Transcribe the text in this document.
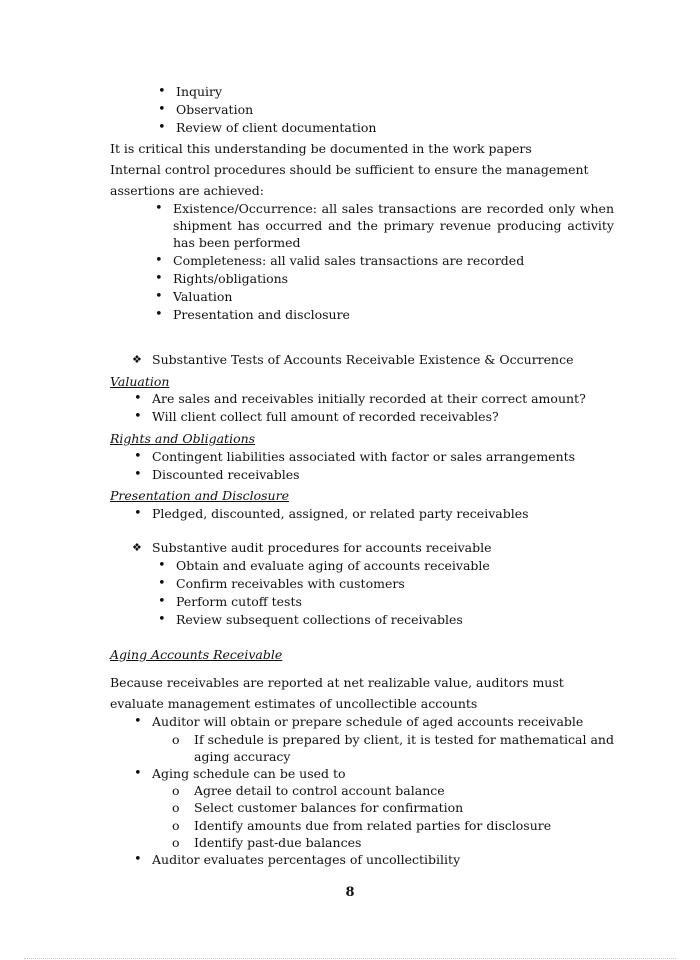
• Inquiry
• Observation
• Review of client documentation

It is critical this understanding be documented in the work papers

Internal control procedures should be sufficient to ensure the management

assertions are achieved:

• Existence/Occurrence: all sales transactions are recorded only when shipment has occurred and the primary revenue producing activity has been performed
• Completeness: all valid sales transactions are recorded
• Rights/obligations
• Valuation
• Presentation and disclosure
❖ Substantive Tests of Accounts Receivable Existence & Occurrence
Valuation
• Are sales and receivables initially recorded at their correct amount?
• Will client collect full amount of recorded receivables?
Rights and Obligations
• Contingent liabilities associated with factor or sales arrangements
• Discounted receivables
Presentation and Disclosure
• Pledged, discounted, assigned, or related party receivables
❖ Substantive audit procedures for accounts receivable
• Obtain and evaluate aging of accounts receivable
• Confirm receivables with customers
• Perform cutoff tests
• Review subsequent collections of receivables
Aging Accounts Receivable

Because receivables are reported at net realizable value, auditors must

evaluate management estimates of uncollectible accounts

• Auditor will obtain or prepare schedule of aged accounts receivable
o If schedule is prepared by client, it is tested for mathematical and aging accuracy
• Aging schedule can be used to
o Agree detail to control account balance
o Select customer balances for confirmation
o Identify amounts due from related parties for disclosure
o Identify past-due balances
• Auditor evaluates percentages of uncollectibility
8
